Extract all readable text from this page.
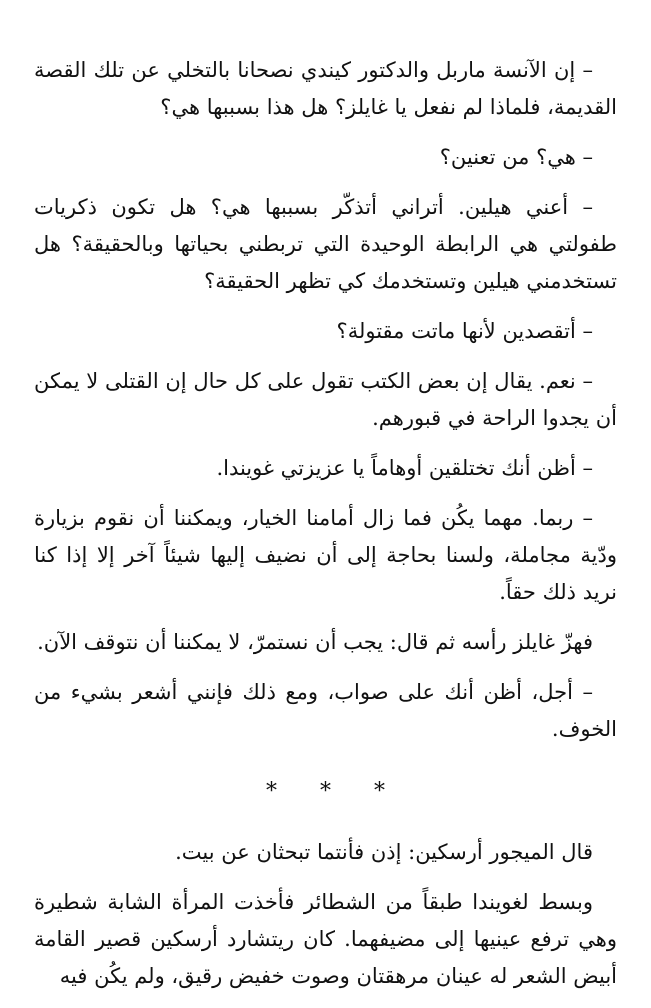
– إن الآنسة ماربل والدكتور كيندي نصحانا بالتخلي عن تلك القصة القديمة، فلماذا لم نفعل يا غايلز؟ هل هذا بسببها هي؟

– هي؟ من تعنين؟

– أعني هيلين. أتراني أتذكّر بسببها هي؟ هل تكون ذكريات طفولتي هي الرابطة الوحيدة التي تربطني بحياتها وبالحقيقة؟ هل تستخدمني هيلين وتستخدمك كي تظهر الحقيقة؟

– أتقصدين لأنها ماتت مقتولة؟

– نعم. يقال إن بعض الكتب تقول على كل حال إن القتلى لا يمكن أن يجدوا الراحة في قبورهم.

– أظن أنك تختلقين أوهاماً يا عزيزتي غويندا.

– ربما. مهما يكُن فما زال أمامنا الخيار، ويمكننا أن نقوم بزيارة ودّية مجاملة، ولسنا بحاجة إلى أن نضيف إليها شيئاً آخر إلا إذا كنا نريد ذلك حقاً.

فهزّ غايلز رأسه ثم قال: يجب أن نستمرّ، لا يمكننا أن نتوقف الآن.

– أجل، أظن أنك على صواب، ومع ذلك فإنني أشعر بشيء من الخوف.

* * *

قال الميجور أرسكين: إذن فأنتما تبحثان عن بيت.

وبسط لغويندا طبقاً من الشطائر فأخذت المرأة الشابة شطيرة وهي ترفع عينيها إلى مضيفهما. كان ريتشارد أرسكين قصير القامة أبيض الشعر له عينان مرهقتان وصوت خفيض رقيق، ولم يكُن فيه
